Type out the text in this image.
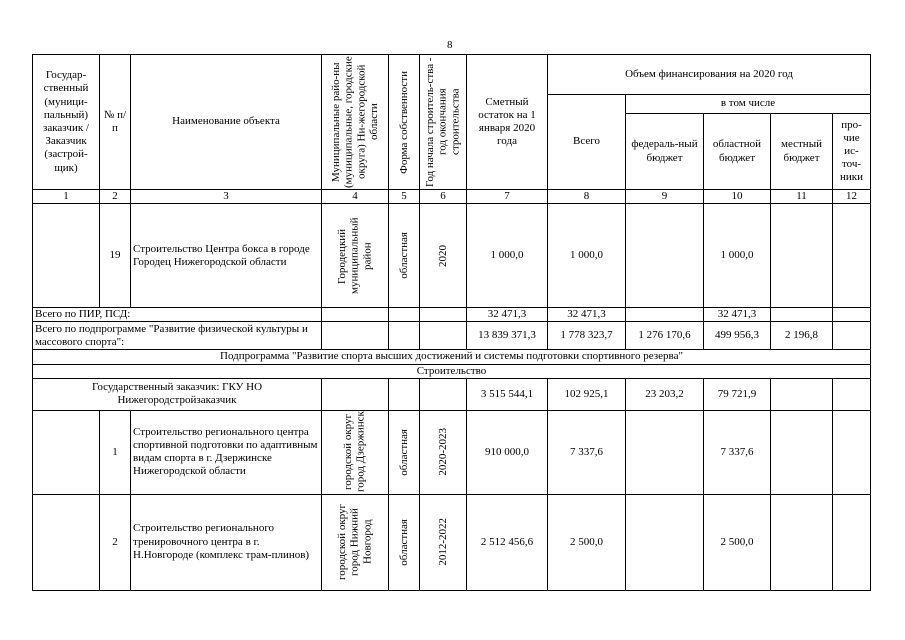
8
Государ-ственный (муници-пальный) заказчик / Заказчик (застрой-щик)	№ п/п	Наименование объекта	Муниципальные райо-ны (муниципальные, городские округа) Ни-жегородской области	Форма собственности	Год начала строитель-ства - год окончания строительства	Сметный остаток на 1 января 2020 года	Объем финансирования на 2020 год				
							Всего	в том числе			
								федераль-ный бюджет	областной бюджет	местный бюджет	про-чие ис-точ-ники
1	2	3	4	5	6	7	8	9	10	11	12
	19	Строительство Центра бокса в городе Городец Нижегородской области	Городецкий муниципальный район	областная	2020	1 000,0	1 000,0		1 000,0		
Всего по ПИР, ПСД:						32 471,3	32 471,3		32 471,3		
Всего по подпрограмме "Развитие физической культуры и массового спорта":						13 839 371,3	1 778 323,7	1 276 170,6	499 956,3	2 196,8	
Подпрограмма "Развитие спорта высших достижений и системы подготовки спортивного резерва"											
Строительство											
Государственный заказчик: ГКУ НО Нижегородстройзаказчик						3 515 544,1	102 925,1	23 203,2	79 721,9		
	1	Строительство регионального центра спортивной подготовки по адаптивным видам спорта в г. Дзержинске Нижегородской области	городской округ город Дзержинск	областная	2020-2023	910 000,0	7 337,6		7 337,6		
	2	Строительство регионального тренировочного центра в г. Н.Новгороде (комплекс трам-плинов)	городской округ город Нижний Новгород	областная	2012-2022	2 512 456,6	2 500,0		2 500,0		
